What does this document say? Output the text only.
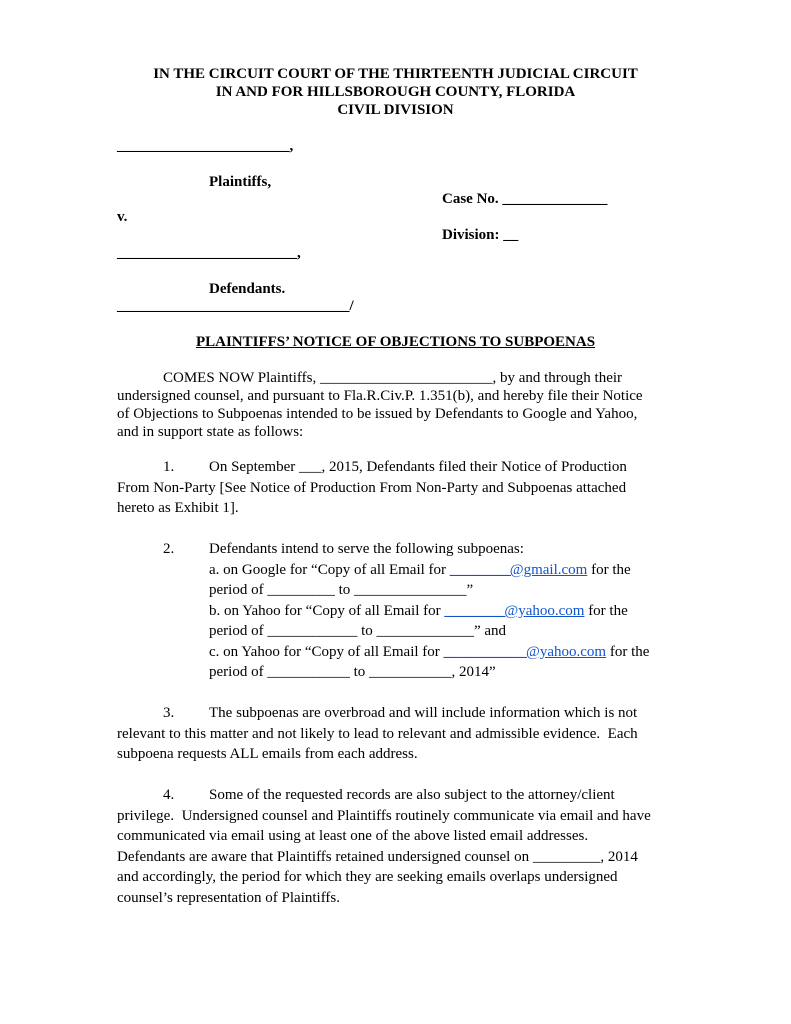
IN THE CIRCUIT COURT OF THE THIRTEENTH JUDICIAL CIRCUIT
IN AND FOR HILLSBOROUGH COUNTY, FLORIDA
CIVIL DIVISION
_______________________,
Plaintiffs,
Case No. ______________
v.
Division: __
________________________,
Defendants.
_______________________________/
PLAINTIFFS’ NOTICE OF OBJECTIONS TO SUBPOENAS
COMES NOW Plaintiffs, _______________________, by and through their
undersigned counsel, and pursuant to Fla.R.Civ.P. 1.351(b), and hereby file their Notice
of Objections to Subpoenas intended to be issued by Defendants to Google and Yahoo,
and in support state as follows:
1. On September ___, 2015, Defendants filed their Notice of Production
From Non-Party [See Notice of Production From Non-Party and Subpoenas attached
hereto as Exhibit 1].
2. Defendants intend to serve the following subpoenas:
a. on Google for “Copy of all Email for ________@gmail.com for the
period of _________ to _______________”
b. on Yahoo for “Copy of all Email for ________@yahoo.com for the
period of ____________ to _____________” and
c. on Yahoo for “Copy of all Email for ___________@yahoo.com for the
period of ___________ to ___________, 2014”
3. The subpoenas are overbroad and will include information which is not
relevant to this matter and not likely to lead to relevant and admissible evidence.  Each
subpoena requests ALL emails from each address.
4. Some of the requested records are also subject to the attorney/client
privilege.  Undersigned counsel and Plaintiffs routinely communicate via email and have
communicated via email using at least one of the above listed email addresses.
Defendants are aware that Plaintiffs retained undersigned counsel on _________, 2014
and accordingly, the period for which they are seeking emails overlaps undersigned
counsel’s representation of Plaintiffs.
